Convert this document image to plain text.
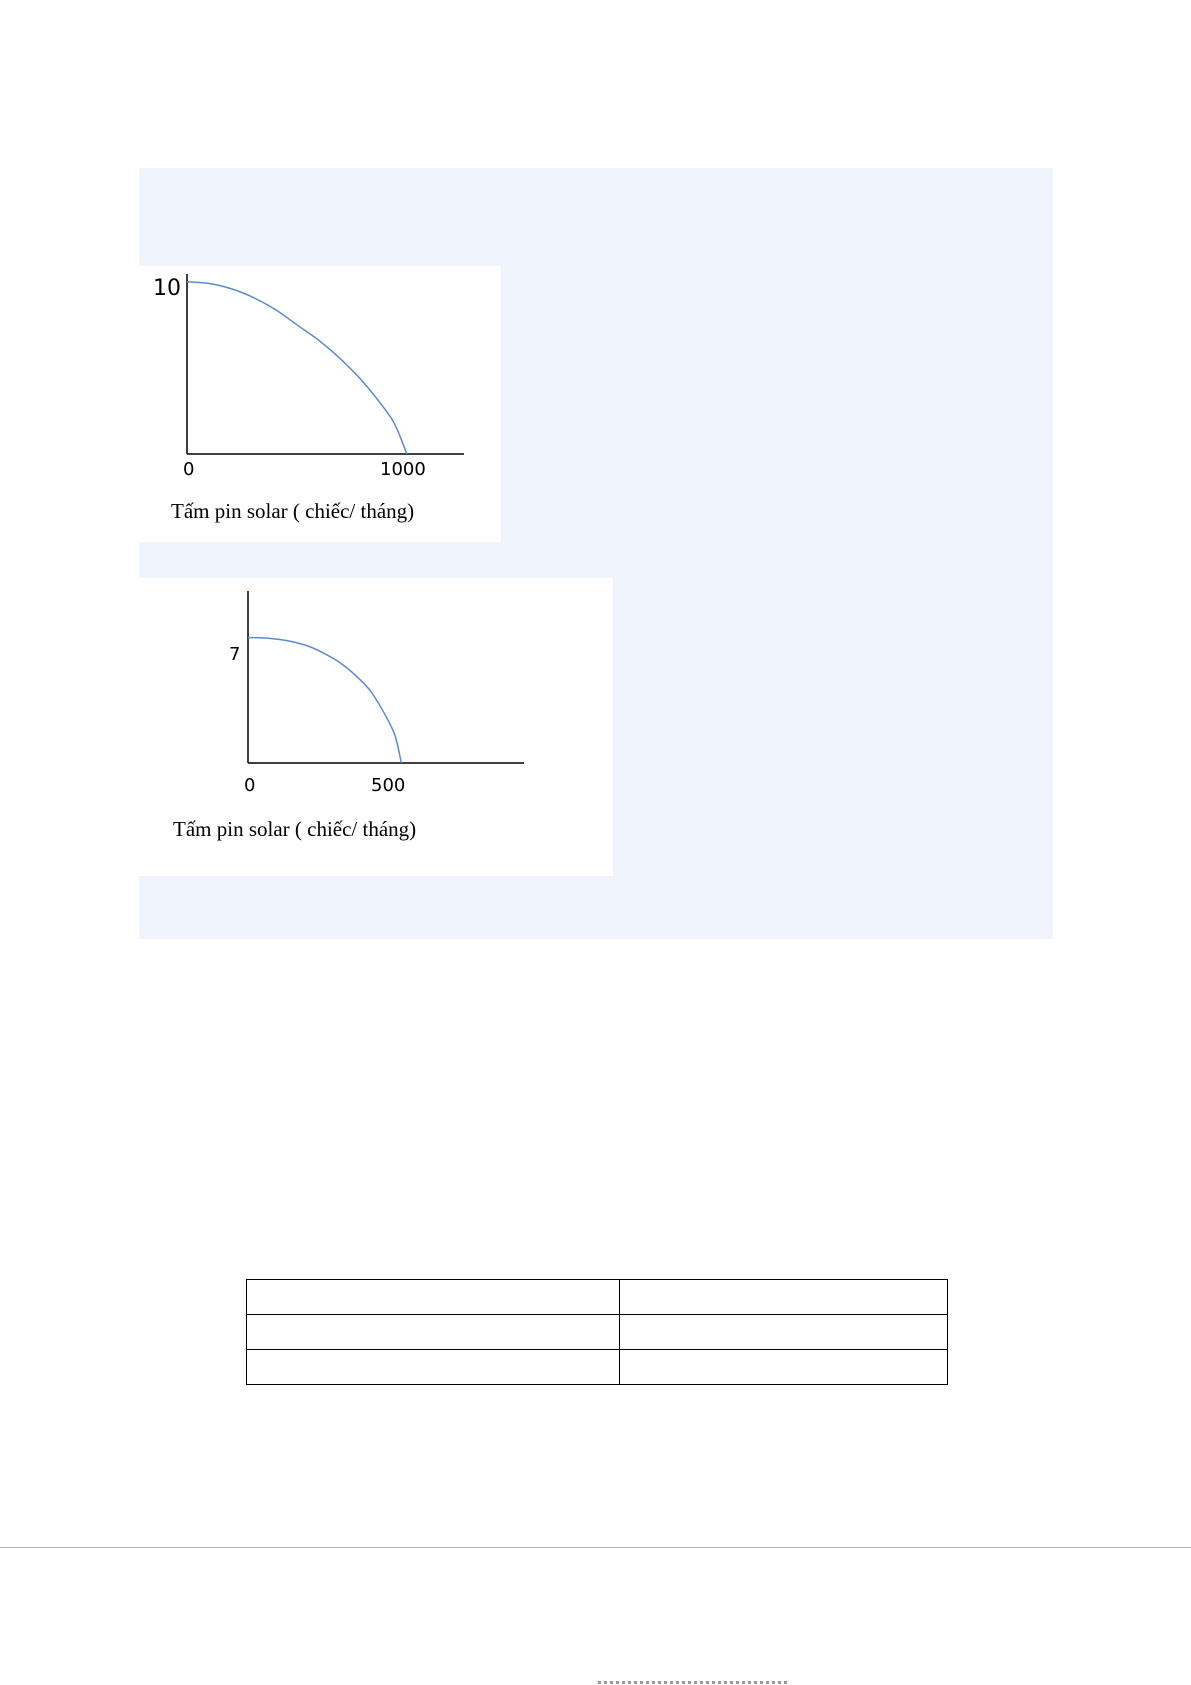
10
0	1000
Tấm pin solar ( chiếc/ tháng)
7
0	500
Tấm pin solar ( chiếc/ tháng)
